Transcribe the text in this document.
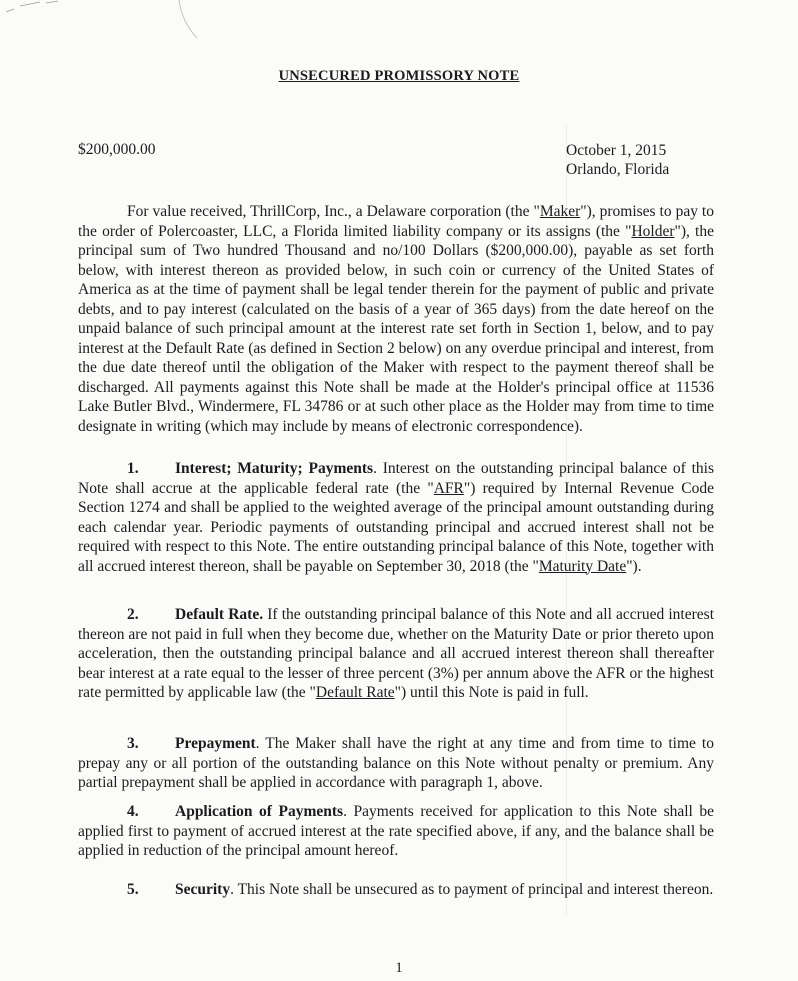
UNSECURED PROMISSORY NOTE
$200,000.00	October 1, 2015
Orlando, Florida

For value received, ThrillCorp, Inc., a Delaware corporation (the "Maker"), promises to pay to the order of Polercoaster, LLC, a Florida limited liability company or its assigns (the "Holder"), the principal sum of Two hundred Thousand and no/100 Dollars ($200,000.00), payable as set forth below, with interest thereon as provided below, in such coin or currency of the United States of America as at the time of payment shall be legal tender therein for the payment of public and private debts, and to pay interest (calculated on the basis of a year of 365 days) from the date hereof on the unpaid balance of such principal amount at the interest rate set forth in Section 1, below, and to pay interest at the Default Rate (as defined in Section 2 below) on any overdue principal and interest, from the due date thereof until the obligation of the Maker with respect to the payment thereof shall be discharged. All payments against this Note shall be made at the Holder's principal office at 11536 Lake Butler Blvd., Windermere, FL 34786 or at such other place as the Holder may from time to time designate in writing (which may include by means of electronic correspondence).

1. Interest; Maturity; Payments. Interest on the outstanding principal balance of this Note shall accrue at the applicable federal rate (the "AFR") required by Internal Revenue Code Section 1274 and shall be applied to the weighted average of the principal amount outstanding during each calendar year. Periodic payments of outstanding principal and accrued interest shall not be required with respect to this Note. The entire outstanding principal balance of this Note, together with all accrued interest thereon, shall be payable on September 30, 2018 (the "Maturity Date").

2. Default Rate. If the outstanding principal balance of this Note and all accrued interest thereon are not paid in full when they become due, whether on the Maturity Date or prior thereto upon acceleration, then the outstanding principal balance and all accrued interest thereon shall thereafter bear interest at a rate equal to the lesser of three percent (3%) per annum above the AFR or the highest rate permitted by applicable law (the "Default Rate") until this Note is paid in full.

3. Prepayment. The Maker shall have the right at any time and from time to time to prepay any or all portion of the outstanding balance on this Note without penalty or premium. Any partial prepayment shall be applied in accordance with paragraph 1, above.

4. Application of Payments. Payments received for application to this Note shall be applied first to payment of accrued interest at the rate specified above, if any, and the balance shall be applied in reduction of the principal amount hereof.

5. Security. This Note shall be unsecured as to payment of principal and interest thereon.

1
